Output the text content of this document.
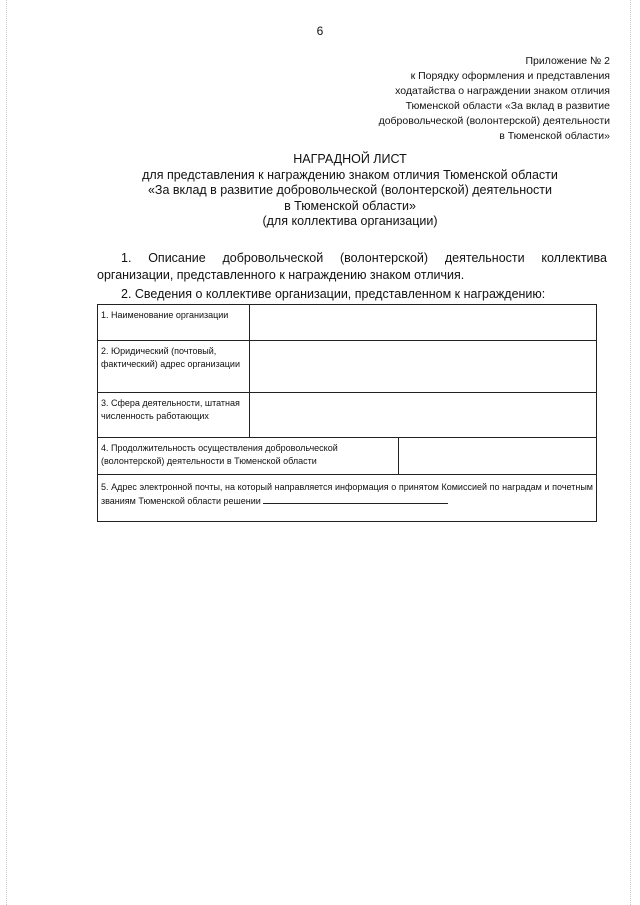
6
Приложение № 2
к Порядку оформления и представления
ходатайства о награждении знаком отличия
Тюменской области «За вклад в развитие
добровольческой (волонтерской) деятельности
в Тюменской области»
НАГРАДНОЙ ЛИСТ
для представления к награждению знаком отличия Тюменской области
«За вклад в развитие добровольческой (волонтерской) деятельности
в Тюменской области»
(для коллектива организации)
1. Описание добровольческой (волонтерской) деятельности коллектива организации, представленного к награждению знаком отличия.
2. Сведения о коллективе организации, представленном к награждению:
1. Наименование организации
2. Юридический (почтовый, фактический) адрес организации
3. Сфера деятельности, штатная численность работающих
4. Продолжительность осуществления добровольческой (волонтерской) деятельности в Тюменской области
5. Адрес электронной почты, на который направляется информация о принятом Комиссией по наградам и почетным званиям Тюменской области решении
